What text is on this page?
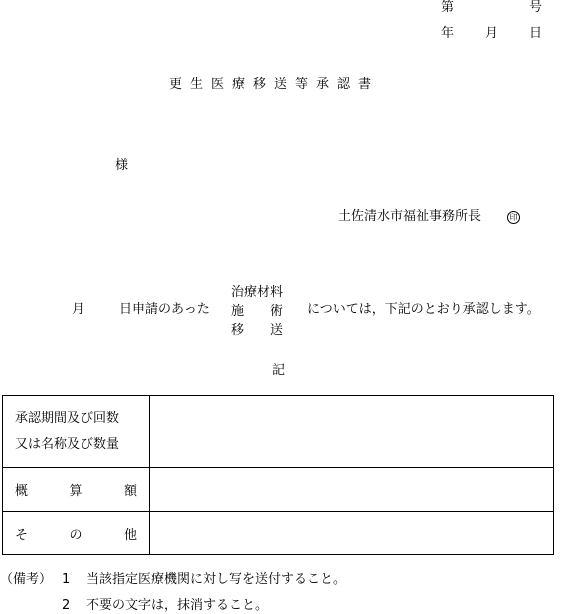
第	号
年 月 日
更生医療移送等承認書
様
土佐清水市福祉事務所長	印
月	日申請のあった
治療材料
施　　術
移　　送
については，下記のとおり承認します。
記
承認期間及び回数
又は名称及び数量	

概 算 額	

そ の 他	

（備考） 1 当該指定医療機関に対し写を送付すること。
2 不要の文字は，抹消すること。
